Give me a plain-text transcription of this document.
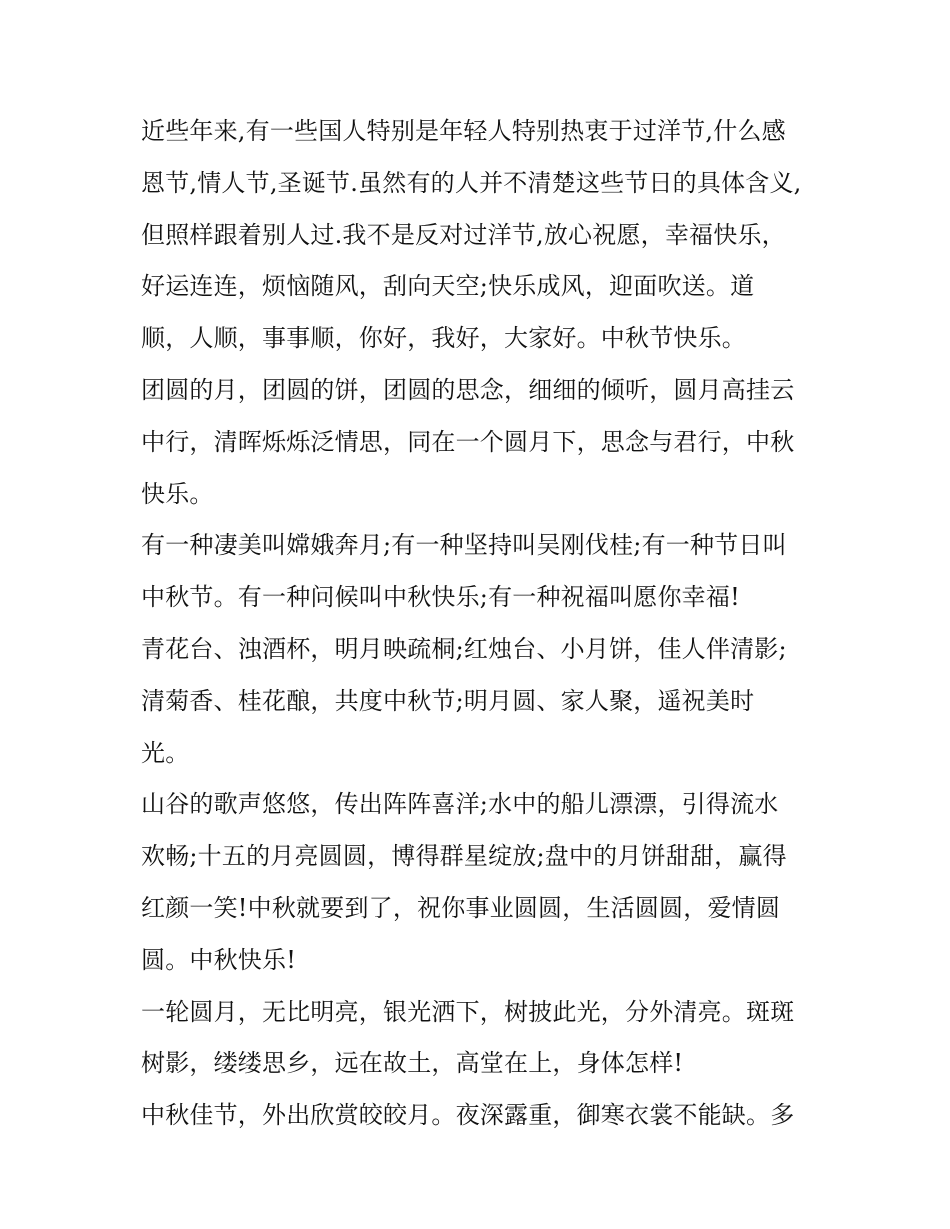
近些年来,有一些国人特别是年轻人特别热衷于过洋节,什么感
恩节,情人节,圣诞节.虽然有的人并不清楚这些节日的具体含义,
但照样跟着别人过.我不是反对过洋节,放心祝愿，幸福快乐，
好运连连，烦恼随风，刮向天空;快乐成风，迎面吹送。道
顺，人顺，事事顺，你好，我好，大家好。中秋节快乐。
团圆的月，团圆的饼，团圆的思念，细细的倾听，圆月高挂云
中行，清晖烁烁泛情思，同在一个圆月下，思念与君行，中秋
快乐。
有一种凄美叫嫦娥奔月;有一种坚持叫吴刚伐桂;有一种节日叫
中秋节。有一种问候叫中秋快乐;有一种祝福叫愿你幸福!
青花台、浊酒杯，明月映疏桐;红烛台、小月饼，佳人伴清影;
清菊香、桂花酿，共度中秋节;明月圆、家人聚，遥祝美时
光。
山谷的歌声悠悠，传出阵阵喜洋;水中的船儿漂漂，引得流水
欢畅;十五的月亮圆圆，博得群星绽放;盘中的月饼甜甜，赢得
红颜一笑!中秋就要到了，祝你事业圆圆，生活圆圆，爱情圆
圆。中秋快乐!
一轮圆月，无比明亮，银光洒下，树披此光，分外清亮。斑斑
树影，缕缕思乡，远在故土，高堂在上，身体怎样!
中秋佳节，外出欣赏皎皎月。夜深露重，御寒衣裳不能缺。多
